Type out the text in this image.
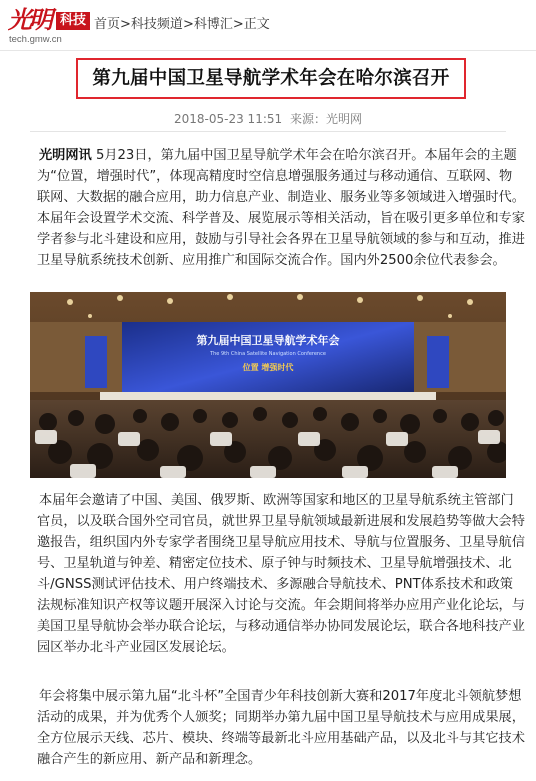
光明 科技
tech.gmw.cn
首页>科技频道>科博汇>正文
第九届中国卫星导航学术年会在哈尔滨召开
2018-05-23 11:51 来源：光明网

光明网讯 5月23日，第九届中国卫星导航学术年会在哈尔滨召开。本届年会的主题为“位置，增强时代”，体现高精度时空信息增强服务通过与移动通信、互联网、物联网、大数据的融合应用，助力信息产业、制造业、服务业等多领域进入增强时代。本届年会设置学术交流、科学普及、展览展示等相关活动，旨在吸引更多单位和专家学者参与北斗建设和应用，鼓励与引导社会各界在卫星导航领域的参与和互动，推进卫星导航系统技术创新、应用推广和国际交流合作。国内外2500余位代表参会。

第九届中国卫星导航学术年会
The 9th China Satellite Navigation Conference
位置 增强时代

本届年会邀请了中国、美国、俄罗斯、欧洲等国家和地区的卫星导航系统主管部门官员，以及联合国外空司官员，就世界卫星导航领域最新进展和发展趋势等做大会特邀报告，组织国内外专家学者围绕卫星导航应用技术、导航与位置服务、卫星导航信号、卫星轨道与钟差、精密定位技术、原子钟与时频技术、卫星导航增强技术、北斗/GNSS测试评估技术、用户终端技术、多源融合导航技术、PNT体系技术和政策法规标准知识产权等议题开展深入讨论与交流。年会期间将举办应用产业化论坛，与美国卫星导航协会举办联合论坛，与移动通信举办协同发展论坛，联合各地科技产业园区举办北斗产业园区发展论坛。

年会将集中展示第九届“北斗杯”全国青少年科技创新大赛和2017年度北斗领航梦想活动的成果，并为优秀个人颁奖；同期举办第九届中国卫星导航技术与应用成果展，全方位展示天线、芯片、模块、终端等最新北斗应用基础产品，以及北斗与其它技术融合产生的新应用、新产品和新理念。
